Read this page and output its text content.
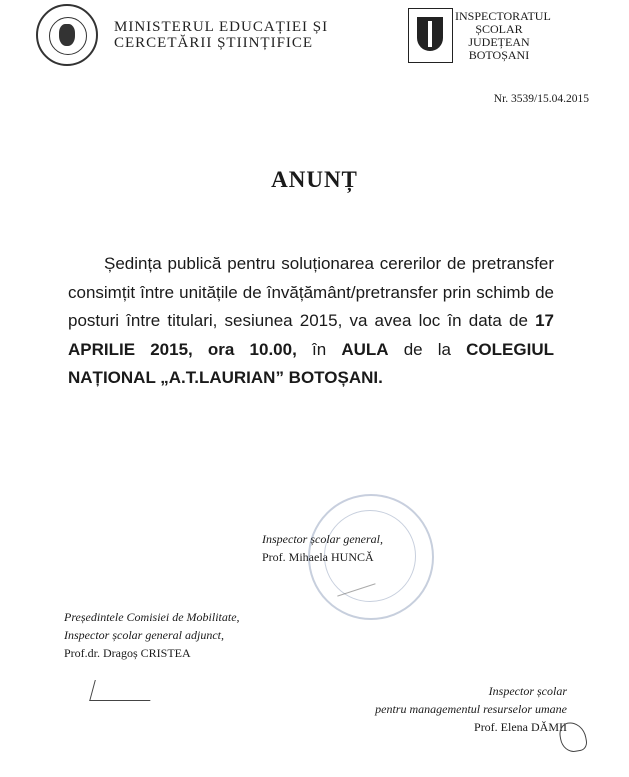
MINISTERUL EDUCAȚIEI ȘI
CERCETĂRII ȘTIINȚIFICE
INSPECTORATUL
ȘCOLAR
JUDEȚEAN
BOTOȘANI
Nr. 3539/15.04.2015
ANUNȚ
Ședința publică pentru soluționarea cererilor de pretransfer consimțit între unitățile de învățământ/pretransfer prin schimb de posturi între titulari, sesiunea 2015, va avea loc în data de 17 APRILIE 2015, ora 10.00, în AULA de la COLEGIUL NAȚIONAL „A.T.LAURIAN” BOTOȘANI.
Inspector școlar general,
Prof. Mihaela HUNCĂ
Președintele Comisiei de Mobilitate,
Inspector școlar general adjunct,
Prof.dr. Dragoș CRISTEA
Inspector școlar
pentru managementul resurselor umane
Prof. Elena DĂMII
